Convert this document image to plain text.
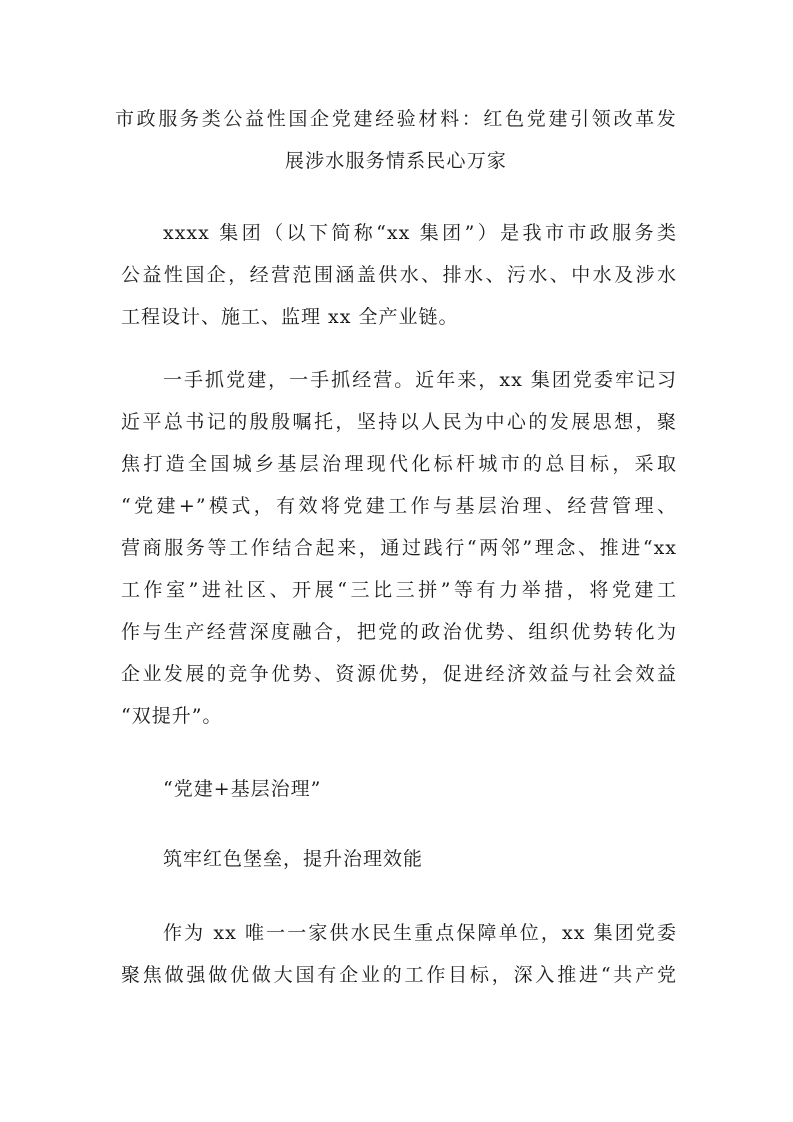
市政服务类公益性国企党建经验材料：红色党建引领改革发
展涉水服务情系民心万家
xxxx 集团（以下简称“xx 集团”）是我市市政服务类
公益性国企，经营范围涵盖供水、排水、污水、中水及涉水
工程设计、施工、监理 xx 全产业链。
一手抓党建，一手抓经营。近年来，xx 集团党委牢记习
近平总书记的殷殷嘱托，坚持以人民为中心的发展思想，聚
焦打造全国城乡基层治理现代化标杆城市的总目标，采取
“党建+”模式，有效将党建工作与基层治理、经营管理、
营商服务等工作结合起来，通过践行“两邻”理念、推进“xx
工作室”进社区、开展“三比三拼”等有力举措，将党建工
作与生产经营深度融合，把党的政治优势、组织优势转化为
企业发展的竞争优势、资源优势，促进经济效益与社会效益
“双提升”。
“党建+基层治理”
筑牢红色堡垒，提升治理效能
作为 xx 唯一一家供水民生重点保障单位，xx 集团党委
聚焦做强做优做大国有企业的工作目标，深入推进“共产党
